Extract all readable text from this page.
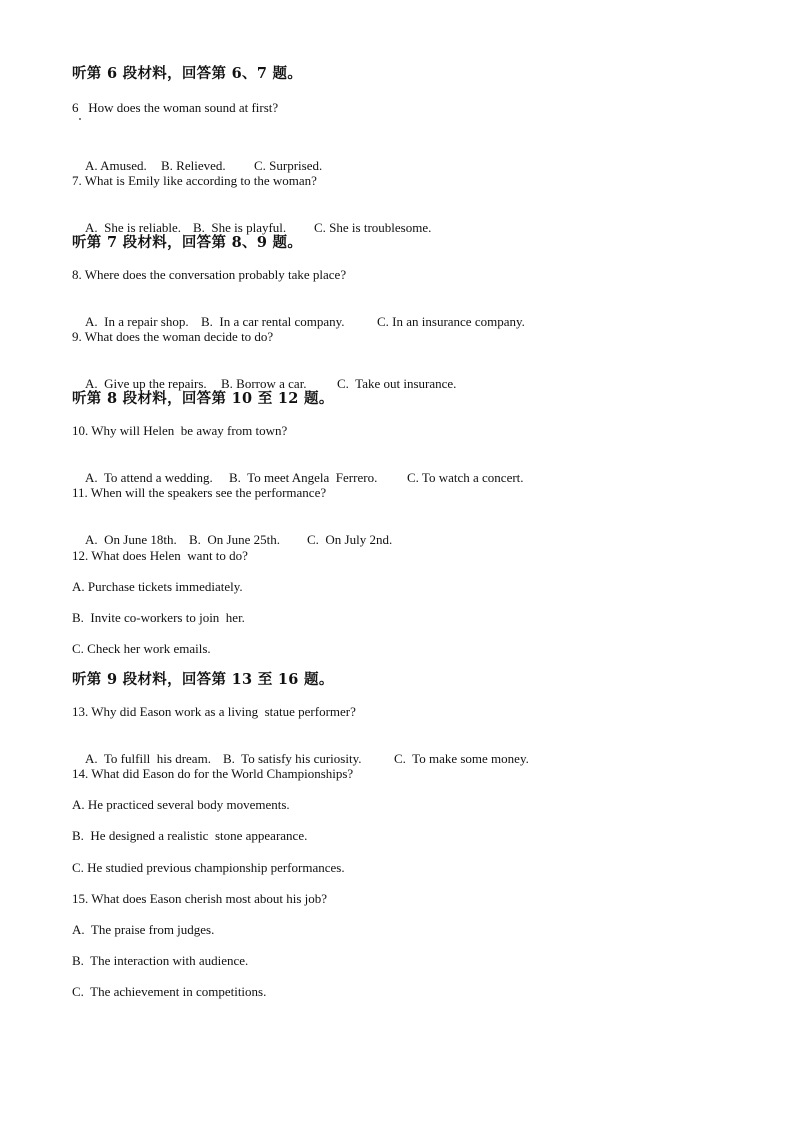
听第 6 段材料，回答第 6、7 题。
6   How does the woman sound at first?

A. Amused. B. Relieved. C. Surprised.

7. What is Emily like according to the woman?

A.  She is reliable. B.  She is playful. C. She is troublesome.

听第 7 段材料，回答第 8、9 题。
8. Where does the conversation probably take place?

A.  In a repair shop. B.  In a car rental company. C. In an insurance company.

9. What does the woman decide to do?

A.  Give up the repairs. B. Borrow a car. C.  Take out insurance.

听第 8 段材料，回答第 10 至 12 题。
10. Why will Helen  be away from town?

A.  To attend a wedding. B.  To meet Angela  Ferrero. C. To watch a concert.

11. When will the speakers see the performance?

A.  On June 18th. B.  On June 25th. C.  On July 2nd.

12. What does Helen  want to do?
A. Purchase tickets immediately.
B.  Invite co-workers to join  her.
C. Check her work emails.
听第 9 段材料，回答第 13 至 16 题。
13. Why did Eason work as a living  statue performer?

A.  To fulfill  his dream. B.  To satisfy his curiosity.	C.  To make some money.

14. What did Eason do for the World Championships?
A. He practiced several body movements.
B.  He designed a realistic  stone appearance.
C. He studied previous championship performances.
15. What does Eason cherish most about his job?
A.  The praise from judges.
B.  The interaction with audience.
C.  The achievement in competitions.
